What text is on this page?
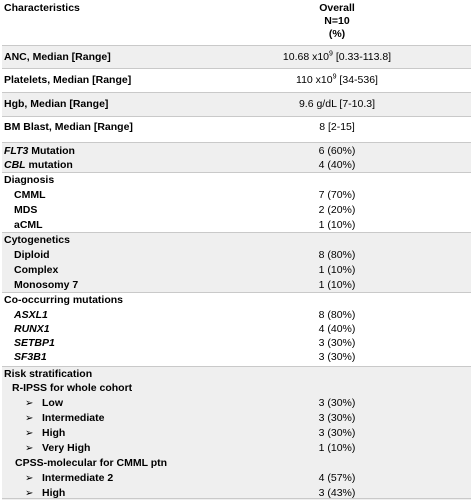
Characteristics	Overall
N=10
(%)
ANC, Median [Range]	10.68 $x10^9$ [0.33-113.8]
Platelets, Median [Range]	110 $x10^9$ [34-536]
Hgb, Median [Range]	9.6 g/dL [7-10.3]
BM Blast, Median [Range]	8 [2-15]
FLT3 Mutation	6 (60%)
CBL mutation	4 (40%)
Diagnosis
CMML	7 (70%)
MDS	2 (20%)
aCML	1 (10%)
Cytogenetics
Diploid	8 (80%)
Complex	1 (10%)
Monosomy 7	1 (10%)
Co-occurring mutations
ASXL1	8 (80%)
RUNX1	4 (40%)
SETBP1	3 (30%)
SF3B1	3 (30%)
Risk stratification
R-IPSS for whole cohort
➢ Low	3 (30%)
➢ Intermediate	3 (30%)
➢ High	3 (30%)
➢ Very High	1 (10%)
CPSS-molecular for CMML ptn
➢ Intermediate 2	4 (57%)
➢ High	3 (43%)
